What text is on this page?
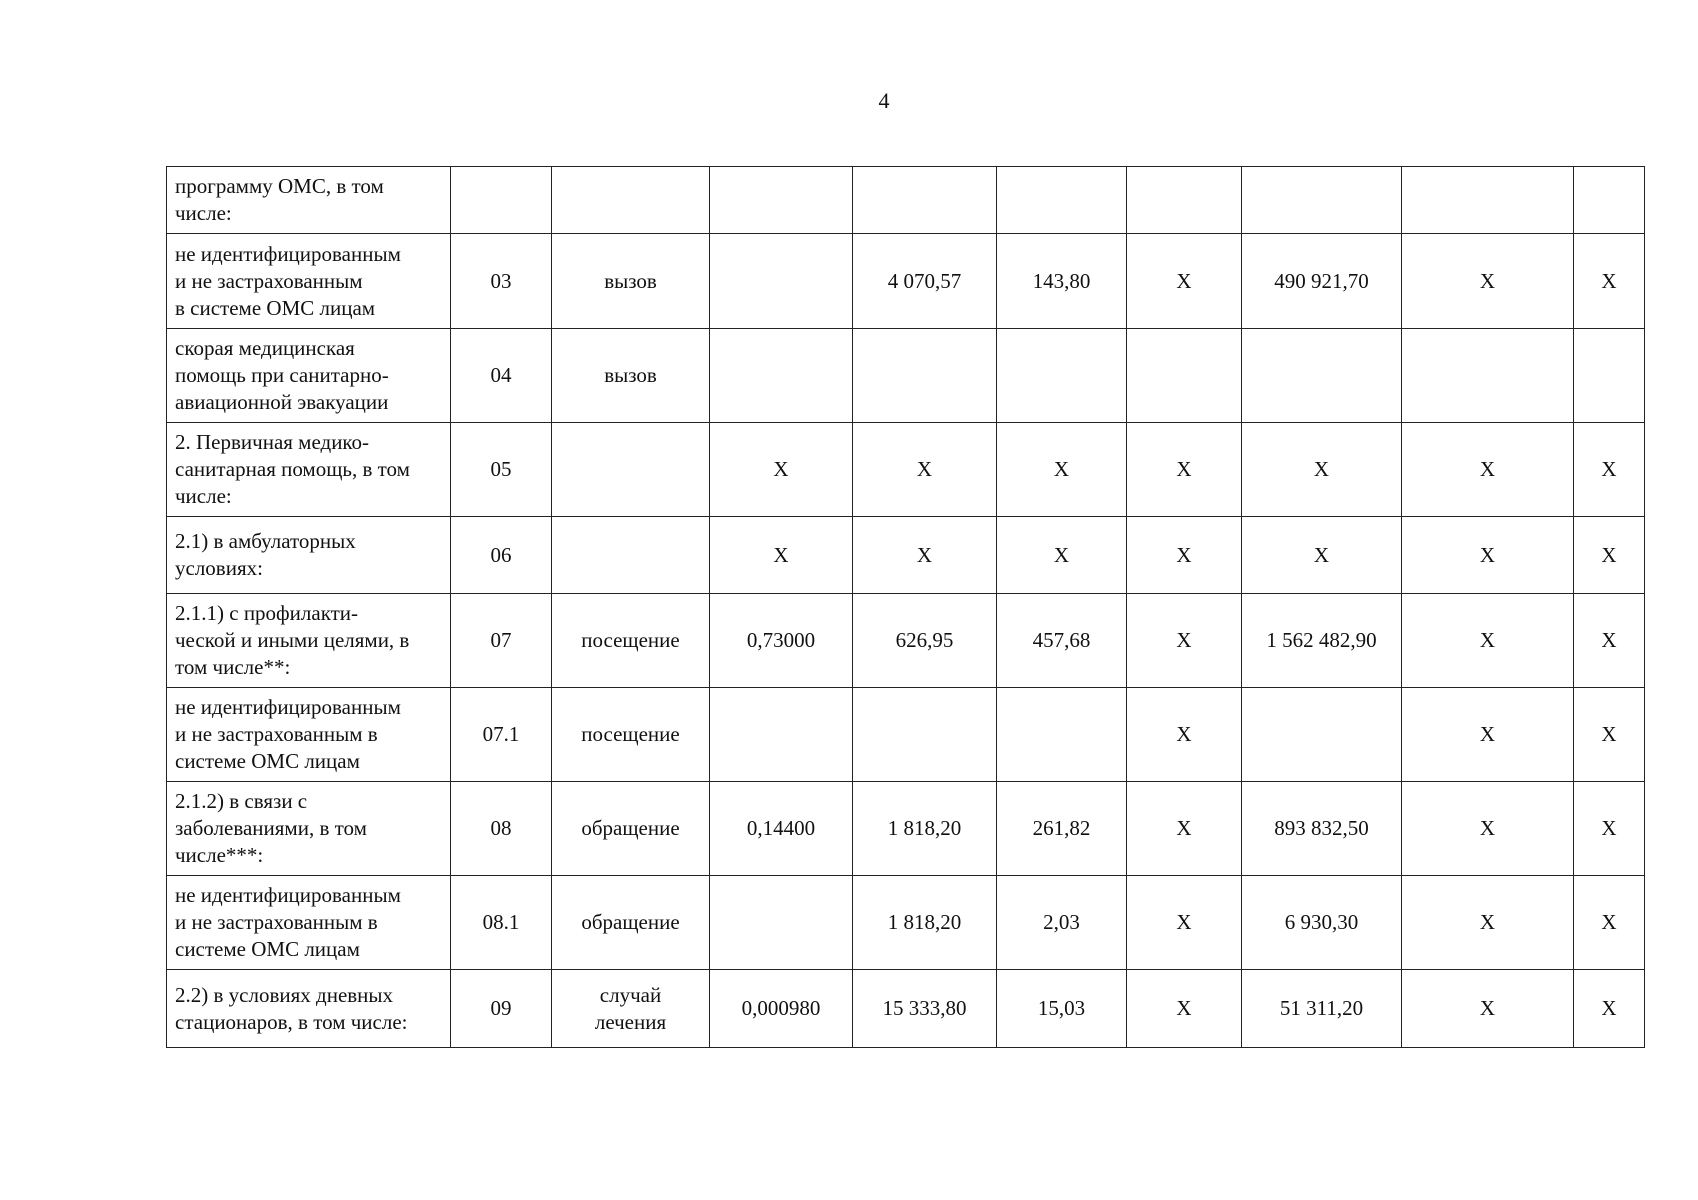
4
программу ОМС, в том
числе:									

не идентифицированным
и не застрахованным
в системе ОМС лицам	03	вызов		4 070,57	143,80	X	490 921,70	X	X

скорая медицинская
помощь при санитарно-
авиационной эвакуации	04	вызов							

2. Первичная медико-
санитарная помощь, в том
числе:	05		X	X	X	X	X	X	X

2.1) в амбулаторных
условиях:	06		X	X	X	X	X	X	X

2.1.1) с профилакти-
ческой и иными целями, в
том числе**:	07	посещение	0,73000	626,95	457,68	X	1 562 482,90	X	X

не идентифицированным
и не застрахованным в
системе ОМС лицам	07.1	посещение				X		X	X

2.1.2) в связи с
заболеваниями, в том
числе***:	08	обращение	0,14400	1 818,20	261,82	X	893 832,50	X	X

не идентифицированным
и не застрахованным в
системе ОМС лицам	08.1	обращение		1 818,20	2,03	X	6 930,30	X	X

2.2) в условиях дневных
стационаров, в том числе:	09	случай
лечения	0,000980	15 333,80	15,03	X	51 311,20	X	X
